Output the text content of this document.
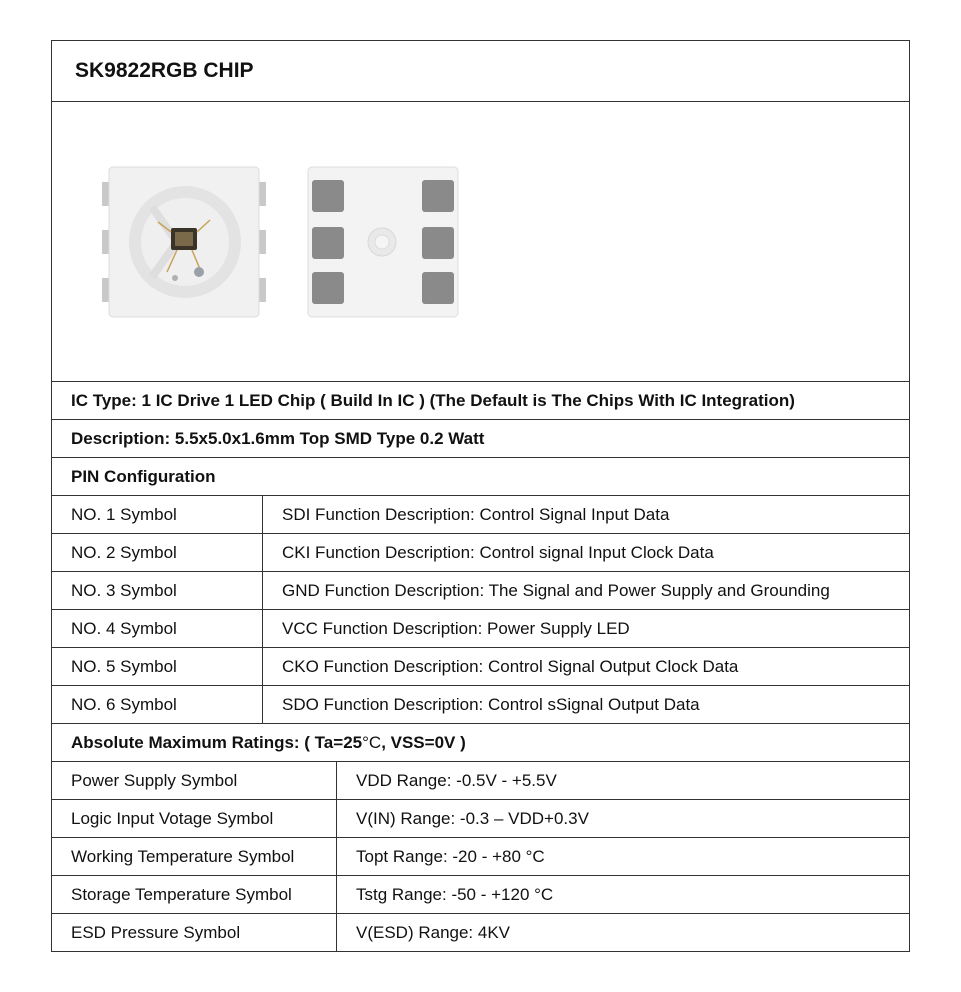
SK9822RGB CHIP
IC Type: 1 IC Drive 1 LED Chip ( Build In IC ) (The Default is The Chips With IC Integration)
Description: 5.5x5.0x1.6mm Top SMD Type 0.2 Watt
PIN Configuration
NO. 1 Symbol	SDI Function Description: Control Signal Input Data
NO. 2 Symbol	CKI Function Description: Control signal Input Clock Data
NO. 3 Symbol	GND Function Description: The Signal and Power Supply and Grounding
NO. 4 Symbol	VCC Function Description: Power Supply LED
NO. 5 Symbol	CKO Function Description: Control Signal Output Clock Data
NO. 6 Symbol	SDO Function Description: Control sSignal Output Data
Absolute Maximum Ratings: ( Ta=25 °C , VSS=0V )
Power Supply Symbol	VDD Range: -0.5V - +5.5V
Logic Input Votage Symbol	V(IN) Range: -0.3 – VDD+0.3V
Working Temperature Symbol	Topt Range: -20 - +80 °C
Storage Temperature Symbol	Tstg Range: -50 - +120 °C
ESD Pressure Symbol	V(ESD) Range: 4KV
